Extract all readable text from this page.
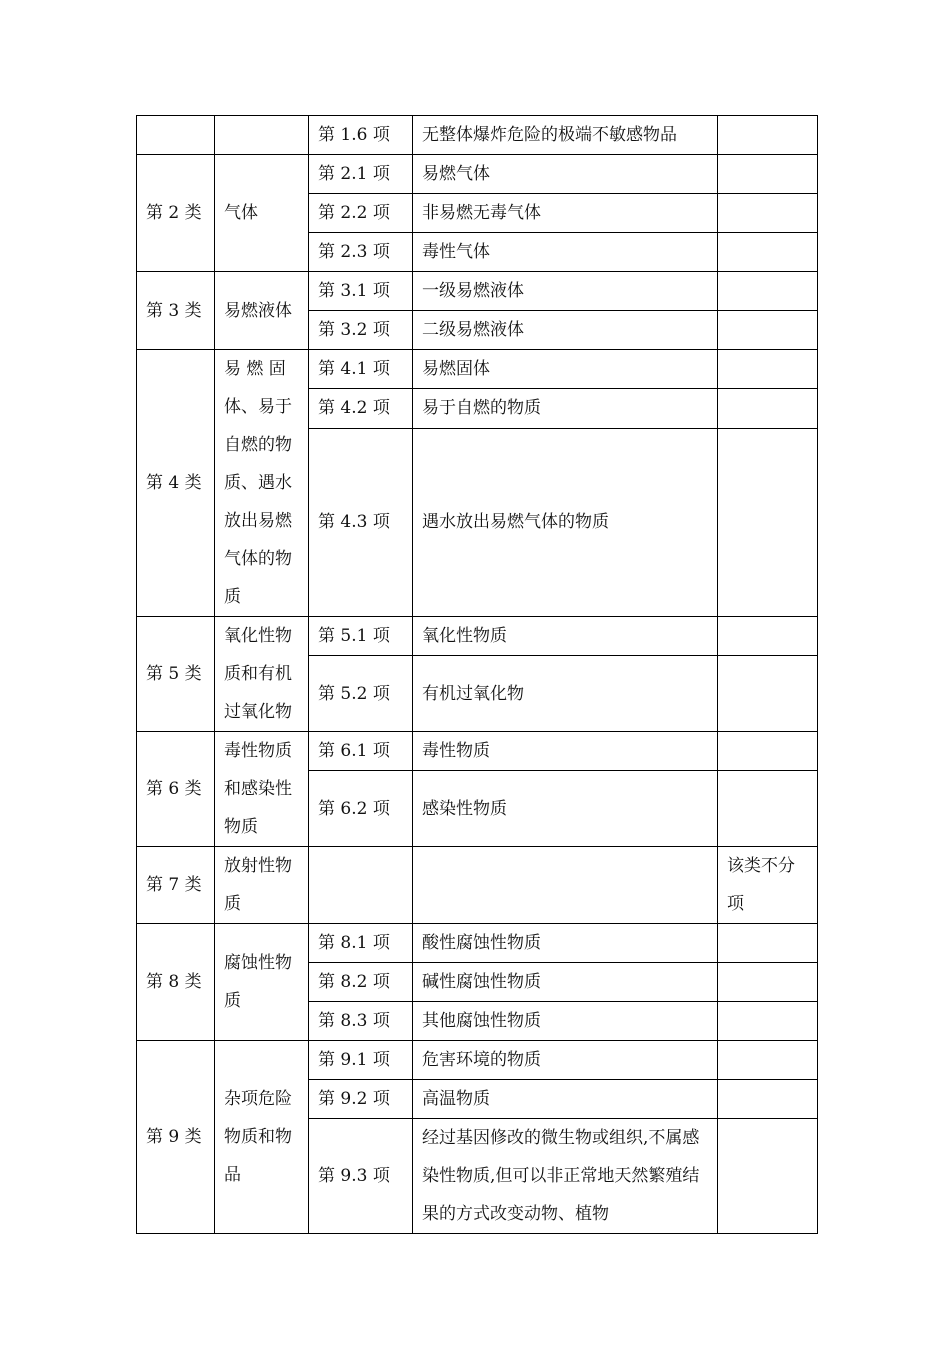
		第 1.6 项	无整体爆炸危险的极端不敏感物品	
第 2 类	气体	第 2.1 项	易燃气体	
		第 2.2 项	非易燃无毒气体	
		第 2.3 项	毒性气体	
第 3 类	易燃液体	第 3.1 项	一级易燃液体	
		第 3.2 项	二级易燃液体	
第 4 类	易 燃 固 体、易于自燃的物质、遇水放出易燃气体的物质	第 4.1 项	易燃固体	
		第 4.2 项	易于自燃的物质	
		第 4.3 项	遇水放出易燃气体的物质	
第 5 类	氧化性物质和有机过氧化物	第 5.1 项	氧化性物质	
		第 5.2 项	有机过氧化物	
第 6 类	毒性物质和感染性物质	第 6.1 项	毒性物质	
		第 6.2 项	感染性物质	
第 7 类	放射性物质			该类不分项
第 8 类	腐蚀性物质	第 8.1 项	酸性腐蚀性物质	
		第 8.2 项	碱性腐蚀性物质	
		第 8.3 项	其他腐蚀性物质	
第 9 类	杂项危险物质和物品	第 9.1 项	危害环境的物质	
		第 9.2 项	高温物质	
		第 9.3 项	经过基因修改的微生物或组织,不属感染性物质,但可以非正常地天然繁殖结果的方式改变动物、植物	
